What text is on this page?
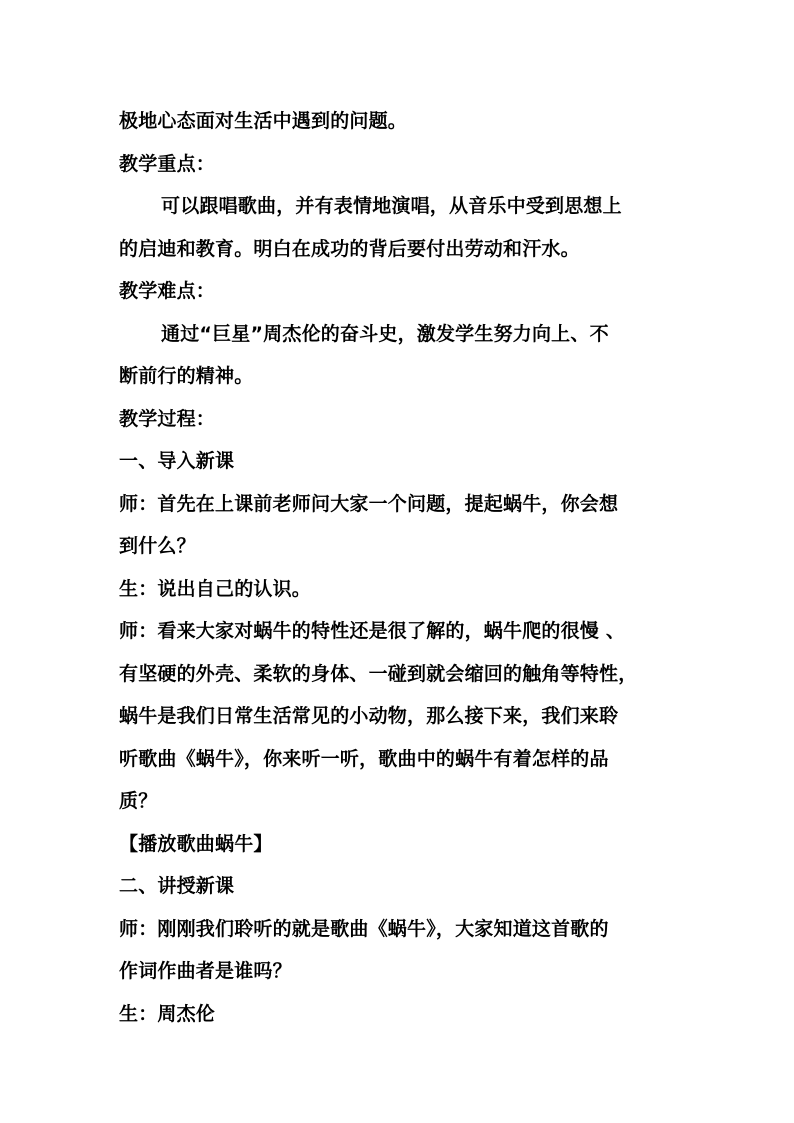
极地心态面对生活中遇到的问题。
教学重点：
可以跟唱歌曲，并有表情地演唱，从音乐中受到思想上
的启迪和教育。明白在成功的背后要付出劳动和汗水。
教学难点：
通过“巨星”周杰伦的奋斗史，激发学生努力向上、不
断前行的精神。
教学过程：
一、导入新课
师：首先在上课前老师问大家一个问题，提起蜗牛，你会想
到什么？
生：说出自己的认识。
师：看来大家对蜗牛的特性还是很了解的，蜗牛爬的很慢 、
有坚硬的外壳、柔软的身体、一碰到就会缩回的触角等特性，
蜗牛是我们日常生活常见的小动物，那么接下来，我们来聆
听歌曲《蜗牛》，你来听一听，歌曲中的蜗牛有着怎样的品
质？
【播放歌曲蜗牛】
二、讲授新课
师：刚刚我们聆听的就是歌曲《蜗牛》，大家知道这首歌的
作词作曲者是谁吗？
生：周杰伦
